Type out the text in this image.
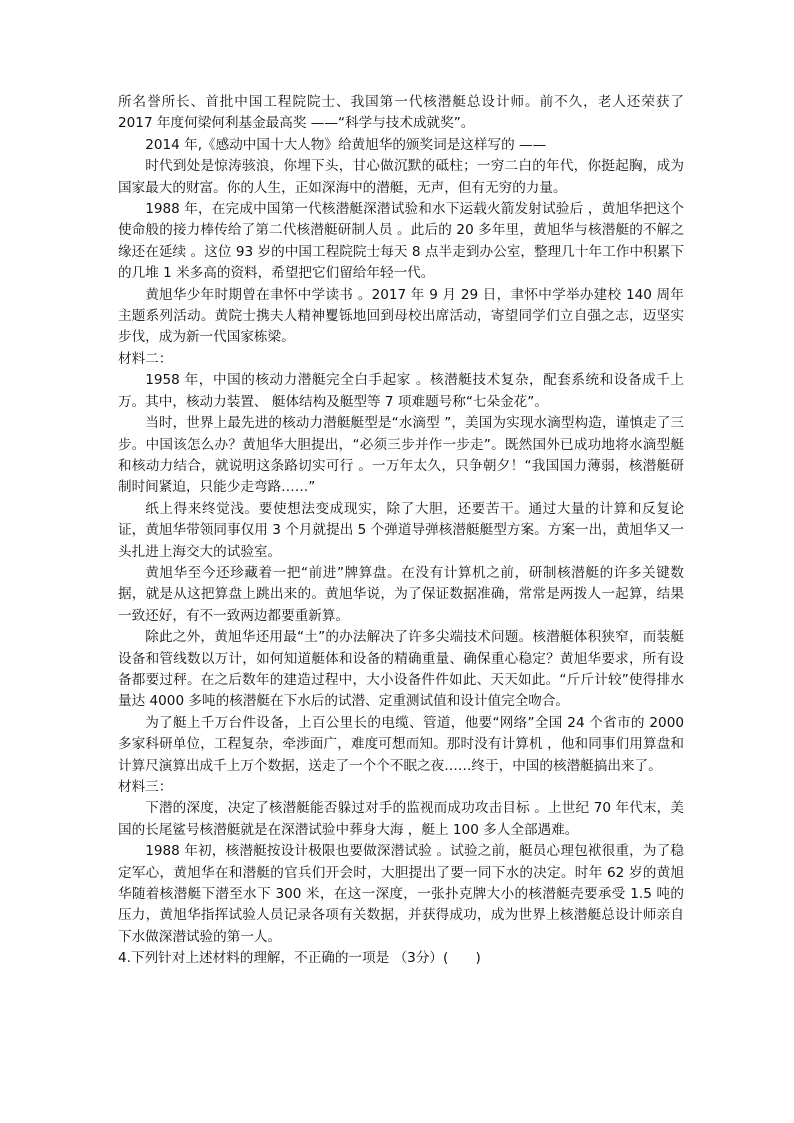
所名誉所长、首批中国工程院院士、我国第一代核潜艇总设计师。前不久，老人还荣获了 2017 年度何梁何利基金最高奖 ——“科学与技术成就奖”。

2014 年,《感动中国十大人物》给黄旭华的颁奖词是这样写的 ——

时代到处是惊涛骇浪，你埋下头，甘心做沉默的砥柱；一穷二白的年代，你挺起胸，成为国家最大的财富。你的人生，正如深海中的潜艇，无声，但有无穷的力量。

1988 年，在完成中国第一代核潜艇深潜试验和水下运载火箭发射试验后 ，黄旭华把这个使命般的接力棒传给了第二代核潜艇研制人员 。此后的 20 多年里，黄旭华与核潜艇的不解之缘还在延续 。这位 93 岁的中国工程院院士每天 8 点半走到办公室，整理几十年工作中积累下的几堆 1 米多高的资料，希望把它们留给年轻一代。

黄旭华少年时期曾在聿怀中学读书 。2017 年 9 月 29 日，聿怀中学举办建校 140 周年主题系列活动。黄院士携夫人精神矍铄地回到母校出席活动，寄望同学们立自强之志，迈坚实步伐，成为新一代国家栋梁。

材料二：

1958 年，中国的核动力潜艇完全白手起家 。核潜艇技术复杂，配套系统和设备成千上万。其中，核动力装置、 艇体结构及艇型等 7 项难题号称“七朵金花”。

当时，世界上最先进的核动力潜艇艇型是“水滴型 ”，美国为实现水滴型构造，谨慎走了三步。中国该怎么办？黄旭华大胆提出，“必须三步并作一步走”。既然国外已成功地将水滴型艇和核动力结合，就说明这条路切实可行 。一万年太久，只争朝夕！“我国国力薄弱，核潜艇研制时间紧迫，只能少走弯路……”

纸上得来终觉浅。要使想法变成现实，除了大胆，还要苦干。通过大量的计算和反复论证，黄旭华带领同事仅用 3 个月就提出 5 个弹道导弹核潜艇艇型方案。方案一出，黄旭华又一头扎进上海交大的试验室。

黄旭华至今还珍藏着一把“前进”牌算盘。在没有计算机之前，研制核潜艇的许多关键数据，就是从这把算盘上跳出来的。黄旭华说，为了保证数据准确，常常是两拨人一起算，结果一致还好，有不一致两边都要重新算。

除此之外，黄旭华还用最“土”的办法解决了许多尖端技术问题。核潜艇体积狭窄，而装艇设备和管线数以万计，如何知道艇体和设备的精确重量、确保重心稳定？黄旭华要求，所有设备都要过秤。在之后数年的建造过程中，大小设备件件如此、天天如此。“斤斤计较”使得排水量达 4000 多吨的核潜艇在下水后的试潜、定重测试值和设计值完全吻合。

为了艇上千万台件设备，上百公里长的电缆、管道，他要“网络”全国 24 个省市的 2000 多家科研单位，工程复杂，牵涉面广，难度可想而知。那时没有计算机 ，他和同事们用算盘和计算尺演算出成千上万个数据，送走了一个个不眠之夜……终于，中国的核潜艇搞出来了。

材料三：

下潜的深度，决定了核潜艇能否躲过对手的监视而成功攻击目标 。上世纪 70 年代末，美国的长尾鲨号核潜艇就是在深潜试验中葬身大海 ，艇上 100 多人全部遇难。

1988 年初，核潜艇按设计极限也要做深潜试验 。试验之前，艇员心理包袱很重，为了稳定军心，黄旭华在和潜艇的官兵们开会时，大胆提出了要一同下水的决定。时年 62 岁的黄旭华随着核潜艇下潜至水下 300 米，在这一深度，一张扑克牌大小的核潜艇壳要承受 1.5 吨的压力，黄旭华指挥试验人员记录各项有关数据，并获得成功，成为世界上核潜艇总设计师亲自下水做深潜试验的第一人。

4.下列针对上述材料的理解，不正确的一项是 （3分）(　　)
